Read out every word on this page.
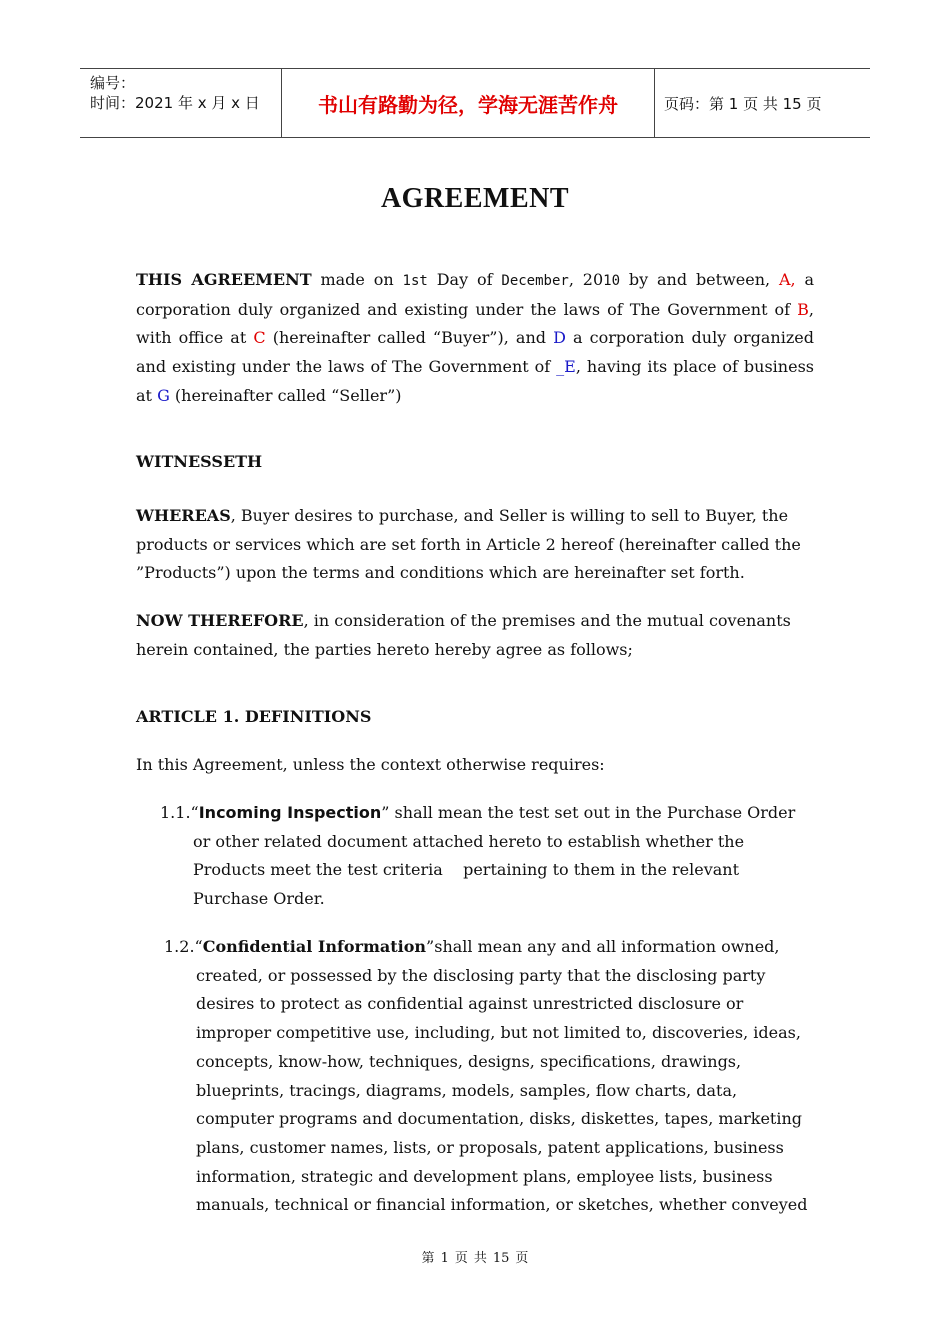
编号：
时间：2021 年 x 月 x 日	书山有路勤为径，学海无涯苦作舟	页码：第 1 页 共 15 页
AGREEMENT
THIS AGREEMENT made on 1st Day of December, 2010 by and between, A, a corporation duly organized and existing under the laws of The Government of B, with office at C (hereinafter called “Buyer”), and D a corporation duly organized and existing under the laws of The Government of _E, having its place of business at G (hereinafter called “Seller”)
WITNESSETH
WHEREAS, Buyer desires to purchase, and Seller is willing to sell to Buyer, the products or services which are set forth in Article 2 hereof (hereinafter called the ”Products”) upon the terms and conditions which are hereinafter set forth.
NOW THEREFORE, in consideration of the premises and the mutual covenants herein contained, the parties hereto hereby agree as follows;
ARTICLE 1. DEFINITIONS
In this Agreement, unless the context otherwise requires:
1.1.“Incoming Inspection” shall mean the test set out in the Purchase Order
or other related document attached hereto to establish whether the
Products meet the test criteria    pertaining to them in the relevant
Purchase Order.
1.2.“Confidential Information”shall mean any and all information owned,
created, or possessed by the disclosing party that the disclosing party
desires to protect as confidential against unrestricted disclosure or
improper competitive use, including, but not limited to, discoveries, ideas,
concepts, know-how, techniques, designs, specifications, drawings,
blueprints, tracings, diagrams, models, samples, flow charts, data,
computer programs and documentation, disks, diskettes, tapes, marketing
plans, customer names, lists, or proposals, patent applications, business
information, strategic and development plans, employee lists, business
manuals, technical or financial information, or sketches, whether conveyed
第 1 页 共 15 页
